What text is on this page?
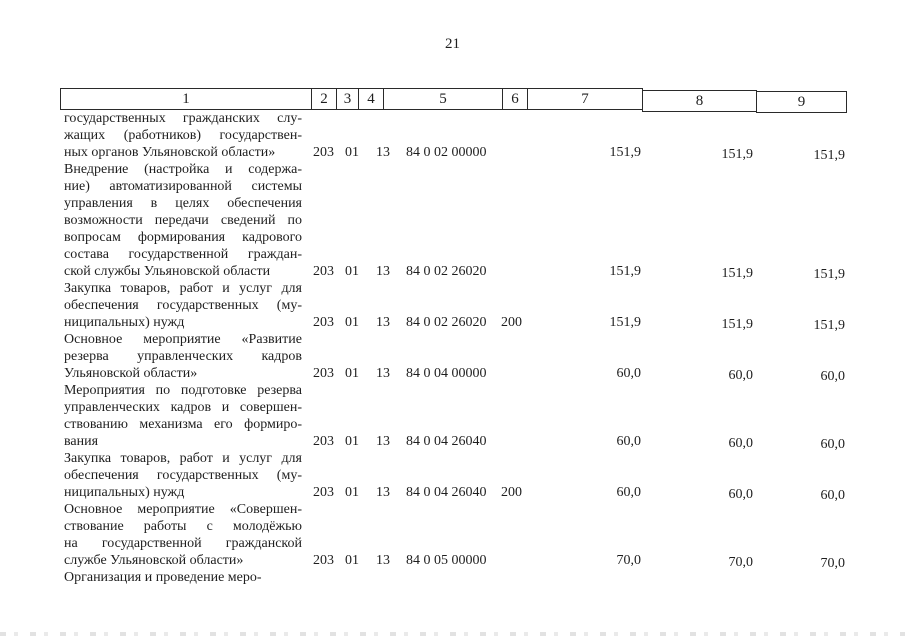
21
1	2	3	4	5	6	7	8	9
государственных гражданских слу-
жащих (работников) государствен-
ных органов Ульяновской области»	203 01 13 84 0 02 00000	151,9	151,9	151,9
Внедрение (настройка и содержа-
ние) автоматизированной системы
управления в целях обеспечения
возможности передачи сведений по
вопросам формирования кадрового
состава государственной граждан-
ской службы Ульяновской области	203 01 13 84 0 02 26020	151,9	151,9	151,9
Закупка товаров, работ и услуг для
обеспечения государственных (му-
ниципальных) нужд	203 01 13 84 0 02 26020 200	151,9	151,9	151,9
Основное мероприятие «Развитие
резерва управленческих кадров
Ульяновской области»	203 01 13 84 0 04 00000	60,0	60,0	60,0
Мероприятия по подготовке резерва
управленческих кадров и совершен-
ствованию механизма его формиро-
вания	203 01 13 84 0 04 26040	60,0	60,0	60,0
Закупка товаров, работ и услуг для
обеспечения государственных (му-
ниципальных) нужд	203 01 13 84 0 04 26040 200	60,0	60,0	60,0
Основное мероприятие «Совершен-
ствование работы с молодёжью
на государственной гражданской
службе Ульяновской области»	203 01 13 84 0 05 00000	70,0	70,0	70,0
Организация и проведение меро-
